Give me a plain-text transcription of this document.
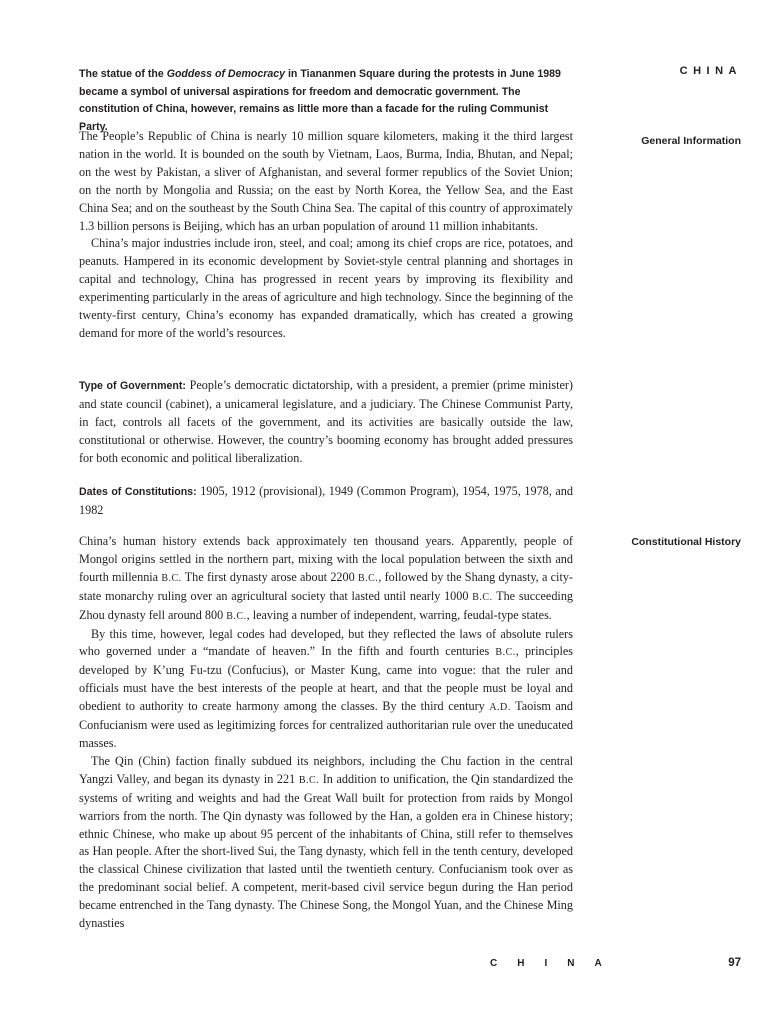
CHINA
The statue of the Goddess of Democracy in Tiananmen Square during the protests in June 1989 became a symbol of universal aspirations for freedom and democratic government. The constitution of China, however, remains as little more than a facade for the ruling Communist Party.
General Information

The People’s Republic of China is nearly 10 million square kilometers, making it the third largest nation in the world. It is bounded on the south by Vietnam, Laos, Burma, India, Bhutan, and Nepal; on the west by Pakistan, a sliver of Afghanistan, and several former republics of the Soviet Union; on the north by Mongolia and Russia; on the east by North Korea, the Yellow Sea, and the East China Sea; and on the southeast by the South China Sea. The capital of this country of approximately 1.3 billion persons is Beijing, which has an urban population of around 11 million inhabitants.

China’s major industries include iron, steel, and coal; among its chief crops are rice, potatoes, and peanuts. Hampered in its economic development by Soviet-style central planning and shortages in capital and technology, China has progressed in recent years by improving its flexibility and experimenting particularly in the areas of agriculture and high technology. Since the beginning of the twenty-first century, China’s economy has expanded dramatically, which has created a growing demand for more of the world’s resources.

Type of Government: People’s democratic dictatorship, with a president, a premier (prime minister) and state council (cabinet), a unicameral legislature, and a judiciary. The Chinese Communist Party, in fact, controls all facets of the government, and its activities are basically outside the law, constitutional or otherwise. However, the country’s booming economy has brought added pressures for both economic and political liberalization.

Dates of Constitutions: 1905, 1912 (provisional), 1949 (Common Program), 1954, 1975, 1978, and 1982

Constitutional History

China’s human history extends back approximately ten thousand years. Apparently, people of Mongol origins settled in the northern part, mixing with the local population between the sixth and fourth millennia B.C. The first dynasty arose about 2200 B.C., followed by the Shang dynasty, a city-state monarchy ruling over an agricultural society that lasted until nearly 1000 B.C. The succeeding Zhou dynasty fell around 800 B.C., leaving a number of independent, warring, feudal-type states.

By this time, however, legal codes had developed, but they reflected the laws of absolute rulers who governed under a “mandate of heaven.” In the fifth and fourth centuries B.C., principles developed by K’ung Fu-tzu (Confucius), or Master Kung, came into vogue: that the ruler and officials must have the best interests of the people at heart, and that the people must be loyal and obedient to authority to create harmony among the classes. By the third century A.D. Taoism and Confucianism were used as legitimizing forces for centralized authoritarian rule over the uneducated masses.

The Qin (Chin) faction finally subdued its neighbors, including the Chu faction in the central Yangzi Valley, and began its dynasty in 221 B.C. In addition to unification, the Qin standardized the systems of writing and weights and had the Great Wall built for protection from raids by Mongol warriors from the north. The Qin dynasty was followed by the Han, a golden era in Chinese history; ethnic Chinese, who make up about 95 percent of the inhabitants of China, still refer to themselves as Han people. After the short-lived Sui, the Tang dynasty, which fell in the tenth century, developed the classical Chinese civilization that lasted until the twentieth century. Confucianism took over as the predominant social belief. A competent, merit-based civil service begun during the Han period became entrenched in the Tang dynasty. The Chinese Song, the Mongol Yuan, and the Chinese Ming dynasties

CHINA	97
